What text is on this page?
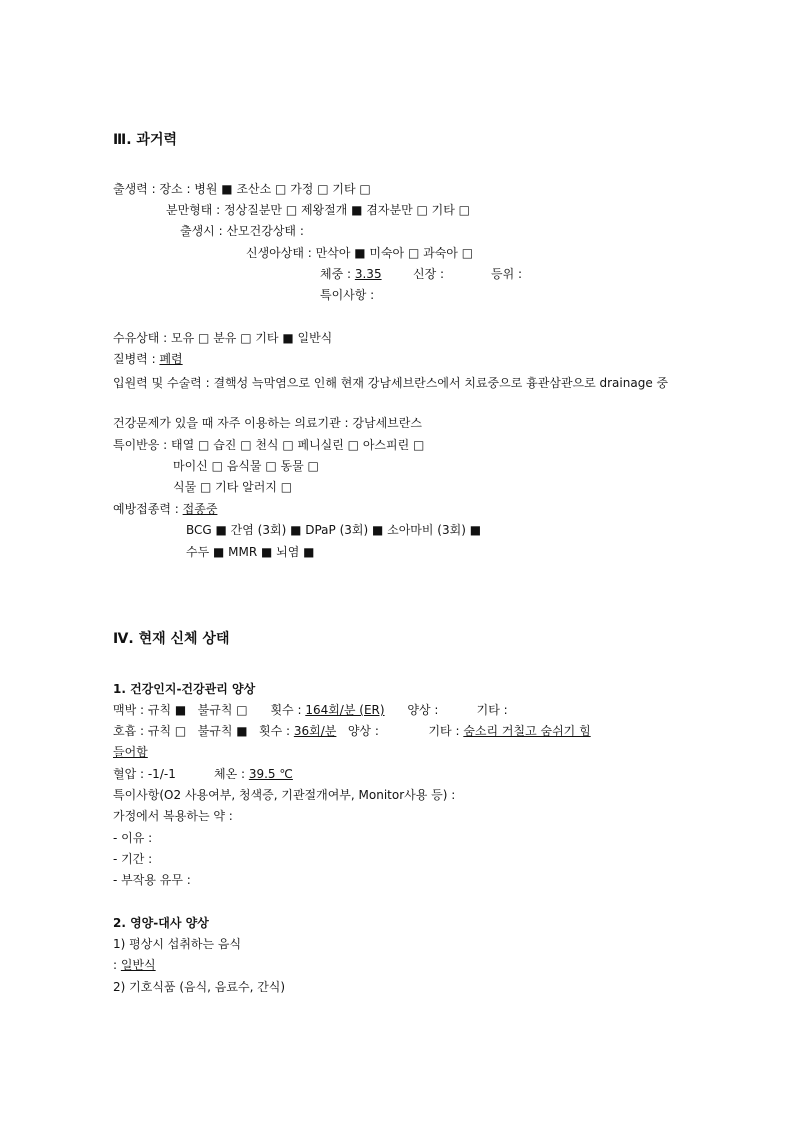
Ⅲ. 과거력
출생력 : 장소 : 병원 ■ 조산소 □ 가정 □ 기타 □
분만형태 : 정상질분만 □ 제왕절개 ■ 겸자분만 □ 기타 □
출생시 : 산모건강상태 :
신생아상태 : 만삭아 ■ 미숙아 □ 과숙아 □
체중 : 3.35	신장 :	등위 :
특이사항 :
수유상태 : 모유 □ 분유 □ 기타 ■ 일반식
질병력 : 폐렴
입원력 및 수술력 : 결핵성 늑막염으로 인해 현재 강남세브란스에서 치료중으로 흉관삼관으로 drainage 중
건강문제가 있을 때 자주 이용하는 의료기관 : 강남세브란스
특이반응 : 태열 □ 습진 □ 천식 □ 페니실린 □ 아스피린 □
마이신 □ 음식물 □ 동물 □
식물 □ 기타 알러지 □
예방접종력 : 접종중
BCG ■ 간염 (3회) ■ DPaP (3회) ■ 소아마비 (3회) ■
수두 ■ MMR ■ 뇌염 ■
Ⅳ. 현재 신체 상태
1. 건강인지-건강관리 양상
맥박 : 규칙 ■   불규칙 □      횟수 : 164회/분 (ER)      양상 :          기타 :
호흡 : 규칙 □   불규칙 ■   횟수 : 36회/분   양상 :             기타 : 숨소리 거칠고 숨쉬기 힘
들어함
혈압 : -1/-1          체온 : 39.5 ℃
특이사항(O2 사용여부, 청색증, 기관절개여부, Monitor사용 등) :
가정에서 복용하는 약 :
- 이유 :
- 기간 :
- 부작용 유무 :
2. 영양-대사 양상
1) 평상시 섭취하는 음식
: 일반식
2) 기호식품 (음식, 음료수, 간식)
